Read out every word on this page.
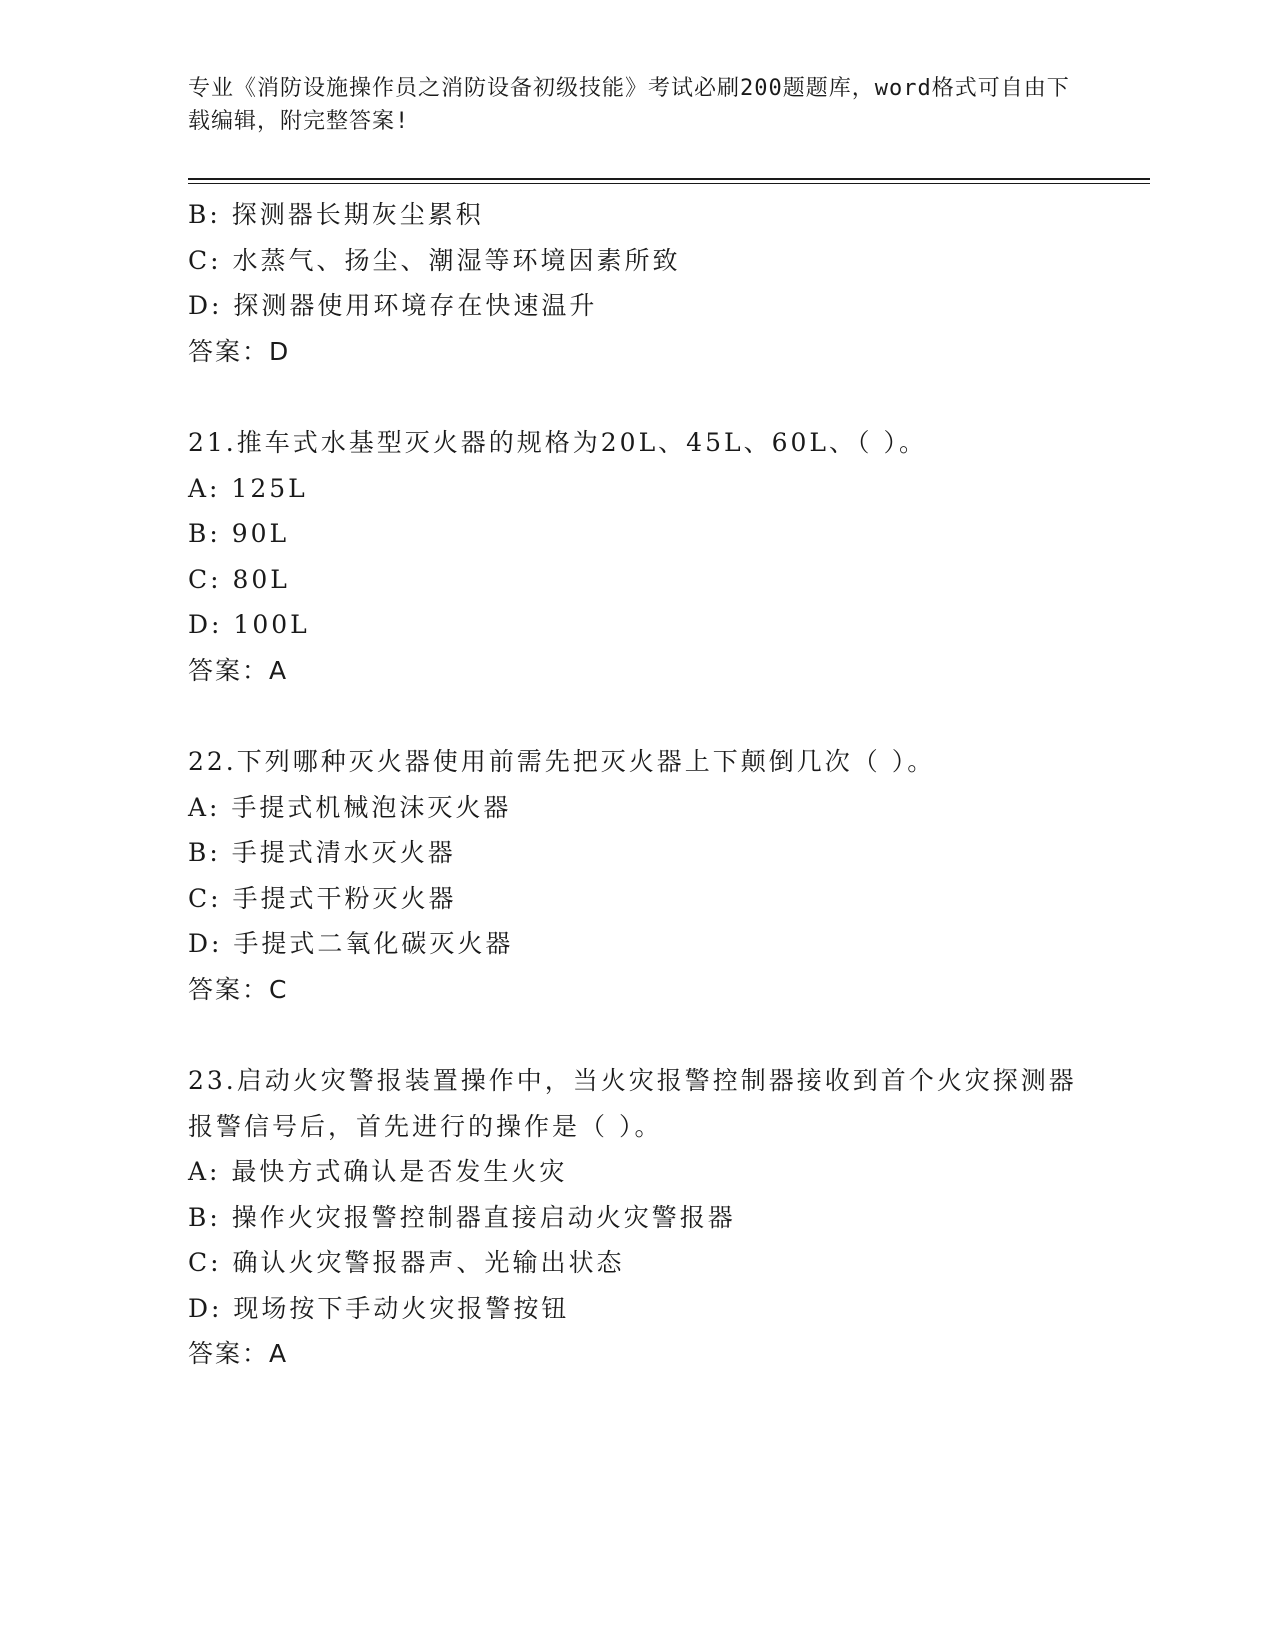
专业《消防设施操作员之消防设备初级技能》考试必刷200题题库，word格式可自由下载编辑，附完整答案!
B: 探测器长期灰尘累积
C: 水蒸气、扬尘、潮湿等环境因素所致
D: 探测器使用环境存在快速温升
答案：D
21.推车式水基型灭火器的规格为20L、45L、60L、（ ）。
A: 125L
B: 90L
C: 80L
D: 100L
答案：A
22.下列哪种灭火器使用前需先把灭火器上下颠倒几次（ ）。
A: 手提式机械泡沫灭火器
B: 手提式清水灭火器
C: 手提式干粉灭火器
D: 手提式二氧化碳灭火器
答案：C
23.启动火灾警报装置操作中，当火灾报警控制器接收到首个火灾探测器报警信号后，首先进行的操作是（ ）。
A: 最快方式确认是否发生火灾
B: 操作火灾报警控制器直接启动火灾警报器
C: 确认火灾警报器声、光输出状态
D: 现场按下手动火灾报警按钮
答案：A
